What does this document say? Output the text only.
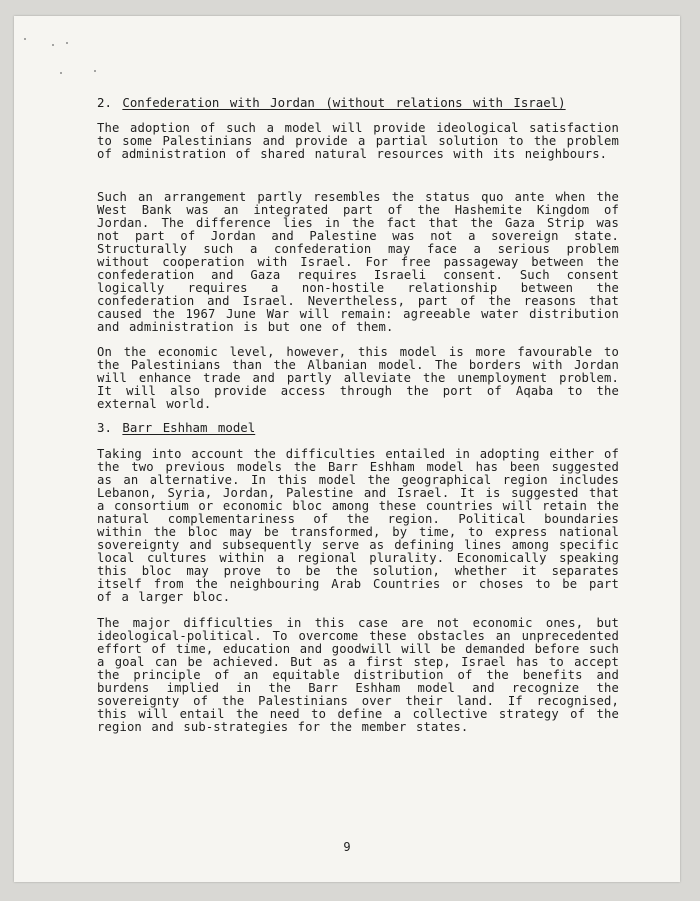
2. Confederation with Jordan (without relations with Israel)

The adoption of such a model will provide ideological satisfaction to some Palestinians and provide a partial solution to the problem of administration of shared natural resources with its neighbours.

Such an arrangement partly resembles the status quo ante when the West Bank was an integrated part of the Hashemite Kingdom of Jordan. The difference lies in the fact that the Gaza Strip was not part of Jordan and Palestine was not a sovereign state. Structurally such a confederation may face a serious problem without cooperation with Israel. For free passageway between the confederation and Gaza requires Israeli consent. Such consent logically requires a non-hostile relationship between the confederation and Israel. Nevertheless, part of the reasons that caused the 1967 June War will remain: agreeable water distribution and administration is but one of them.

On the economic level, however, this model is more favourable to the Palestinians than the Albanian model. The borders with Jordan will enhance trade and partly alleviate the unemployment problem. It will also provide access through the port of Aqaba to the external world.

3. Barr Eshham model

Taking into account the difficulties entailed in adopting either of the two previous models the Barr Eshham model has been suggested as an alternative. In this model the geographical region includes Lebanon, Syria, Jordan, Palestine and Israel. It is suggested that a consortium or economic bloc among these countries will retain the natural complementariness of the region. Political boundaries within the bloc may be transformed, by time, to express national sovereignty and subsequently serve as defining lines among specific local cultures within a regional plurality. Economically speaking this bloc may prove to be the solution, whether it separates itself from the neighbouring Arab Countries or choses to be part of a larger bloc.

The major difficulties in this case are not economic ones, but ideological-political. To overcome these obstacles an unprecedented effort of time, education and goodwill will be demanded before such a goal can be achieved. But as a first step, Israel has to accept the principle of an equitable distribution of the benefits and burdens implied in the Barr Eshham model and recognize the sovereignty of the Palestinians over their land. If recognised, this will entail the need to define a collective strategy of the region and sub-strategies for the member states.

9
